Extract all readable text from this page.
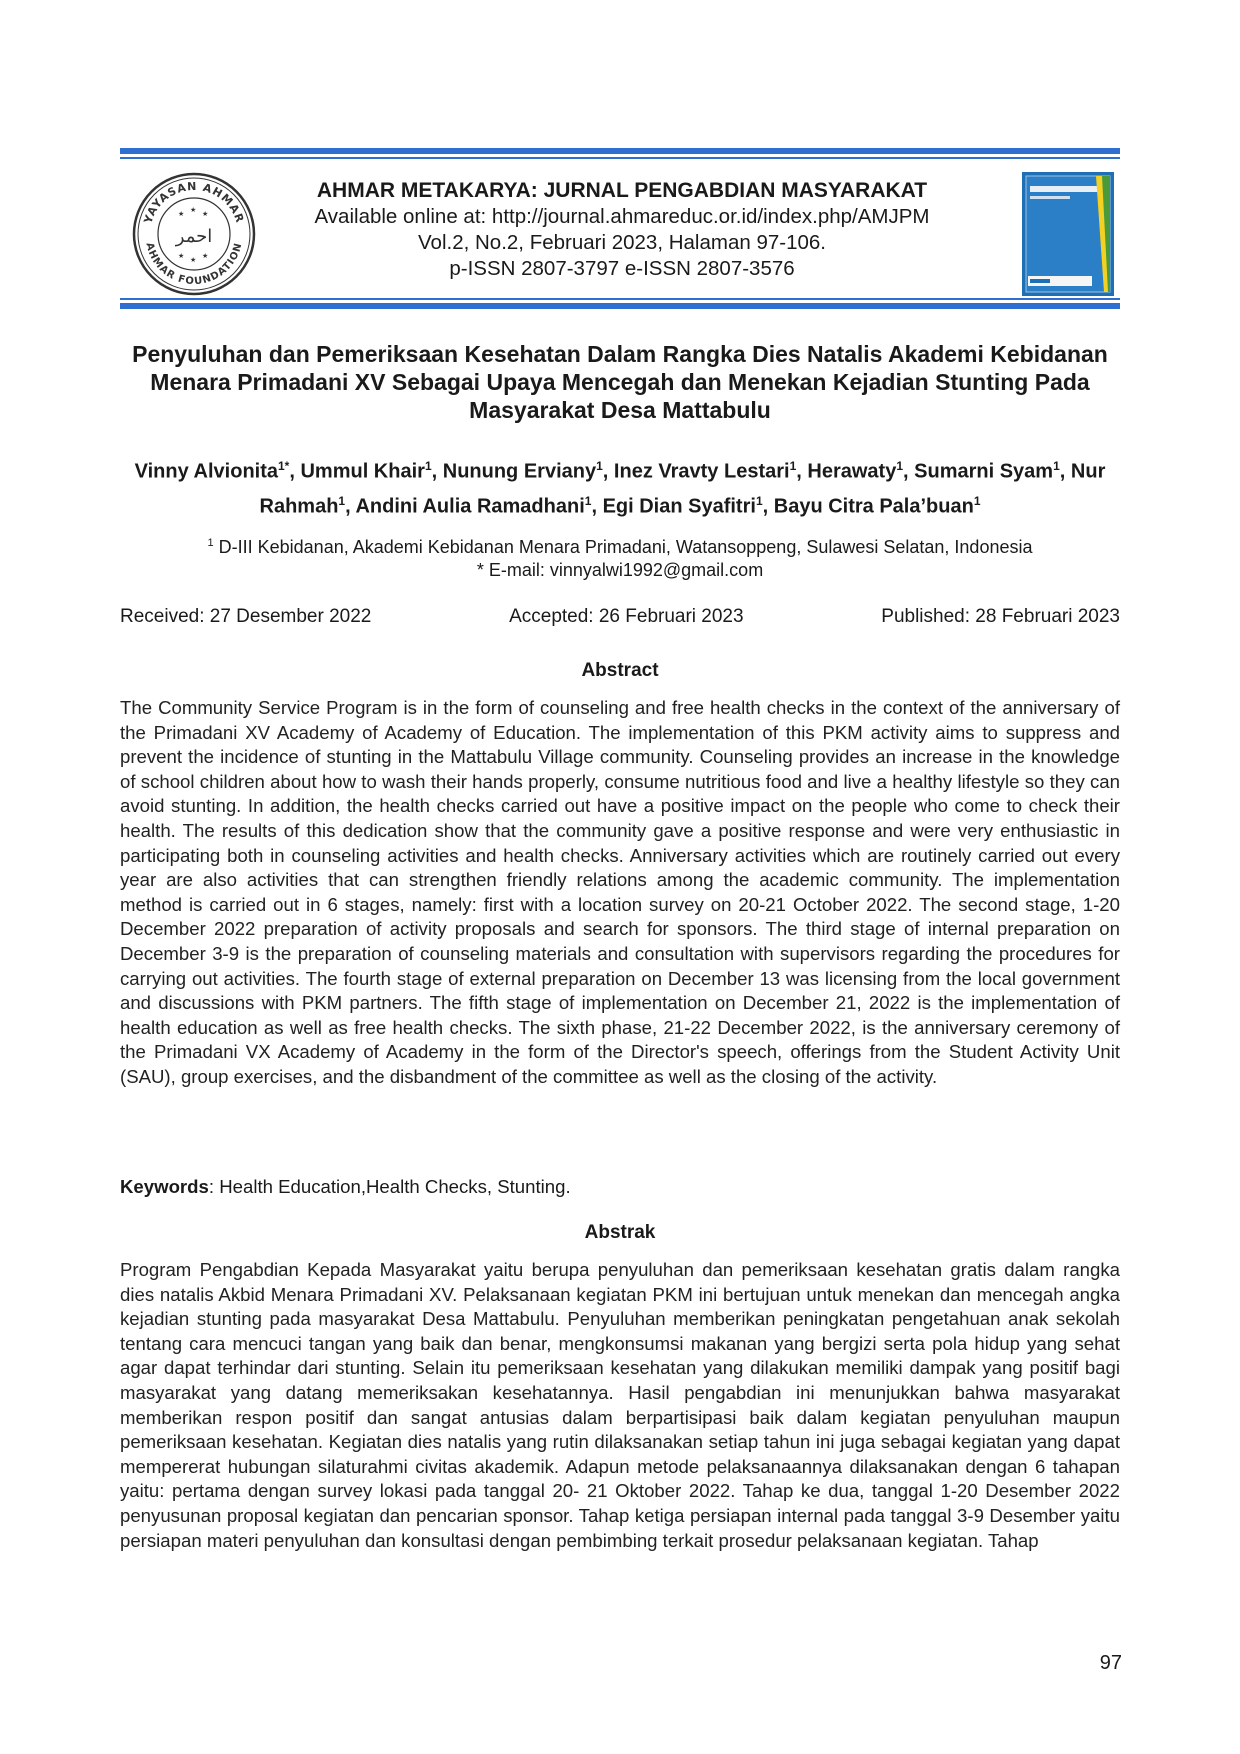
YAYASAN AHMAR
AHMAR FOUNDATION
★ ★ ★
★ ★ ★
احمر
AHMAR METAKARYA: JURNAL PENGABDIAN MASYARAKAT
Available online at: http://journal.ahmareduc.or.id/index.php/AMJPM
Vol.2, No.2, Februari 2023, Halaman 97-106.
p-ISSN 2807-3797 e-ISSN 2807-3576
Penyuluhan dan Pemeriksaan Kesehatan Dalam Rangka Dies Natalis Akademi Kebidanan Menara Primadani XV Sebagai Upaya Mencegah dan Menekan Kejadian Stunting Pada Masyarakat Desa Mattabulu

Vinny Alvionita$^{1*}$, Ummul Khair$^1$, Nunung Erviany$^1$, Inez Vravty Lestari$^1$, Herawaty$^1$, Sumarni Syam$^1$, Nur Rahmah$^1$, Andini Aulia Ramadhani$^1$, Egi Dian Syafitri$^1$, Bayu Citra Pala’buan$^1$

$^1$ D-III Kebidanan, Akademi Kebidanan Menara Primadani, Watansoppeng, Sulawesi Selatan, Indonesia
* E-mail: vinnyalwi1992@gmail.com
Received: 27 Desember 2022	Accepted: 26 Februari 2023	Published: 28 Februari 2023
Abstract

The Community Service Program is in the form of counseling and free health checks in the context of the anniversary of the Primadani XV Academy of Academy of Education. The implementation of this PKM activity aims to suppress and prevent the incidence of stunting in the Mattabulu Village community. Counseling provides an increase in the knowledge of school children about how to wash their hands properly, consume nutritious food and live a healthy lifestyle so they can avoid stunting. In addition, the health checks carried out have a positive impact on the people who come to check their health. The results of this dedication show that the community gave a positive response and were very enthusiastic in participating both in counseling activities and health checks. Anniversary activities which are routinely carried out every year are also activities that can strengthen friendly relations among the academic community. The implementation method is carried out in 6 stages, namely: first with a location survey on 20-21 October 2022. The second stage, 1-20 December 2022 preparation of activity proposals and search for sponsors. The third stage of internal preparation on December 3-9 is the preparation of counseling materials and consultation with supervisors regarding the procedures for carrying out activities. The fourth stage of external preparation on December 13 was licensing from the local government and discussions with PKM partners. The fifth stage of implementation on December 21, 2022 is the implementation of health education as well as free health checks. The sixth phase, 21-22 December 2022, is the anniversary ceremony of the Primadani VX Academy of Academy in the form of the Director's speech, offerings from the Student Activity Unit (SAU), group exercises, and the disbandment of the committee as well as the closing of the activity.

Keywords: Health Education,Health Checks, Stunting.
Abstrak

Program Pengabdian Kepada Masyarakat yaitu berupa penyuluhan dan pemeriksaan kesehatan gratis dalam rangka dies natalis Akbid Menara Primadani XV. Pelaksanaan kegiatan PKM ini bertujuan untuk menekan dan mencegah angka kejadian stunting pada masyarakat Desa Mattabulu. Penyuluhan memberikan peningkatan pengetahuan anak sekolah tentang cara mencuci tangan yang baik dan benar, mengkonsumsi makanan yang bergizi serta pola hidup yang sehat agar dapat terhindar dari stunting. Selain itu pemeriksaan kesehatan yang dilakukan memiliki dampak yang positif bagi masyarakat yang datang memeriksakan kesehatannya. Hasil pengabdian ini menunjukkan bahwa masyarakat memberikan respon positif dan sangat antusias dalam berpartisipasi baik dalam kegiatan penyuluhan maupun pemeriksaan kesehatan. Kegiatan dies natalis yang rutin dilaksanakan setiap tahun ini juga sebagai kegiatan yang dapat mempererat hubungan silaturahmi civitas akademik. Adapun metode pelaksanaannya dilaksanakan dengan 6 tahapan yaitu: pertama dengan survey lokasi pada tanggal 20- 21 Oktober 2022. Tahap ke dua, tanggal 1-20 Desember 2022 penyusunan proposal kegiatan dan pencarian sponsor. Tahap ketiga persiapan internal pada tanggal 3-9 Desember yaitu persiapan materi penyuluhan dan konsultasi dengan pembimbing terkait prosedur pelaksanaan kegiatan. Tahap

97
